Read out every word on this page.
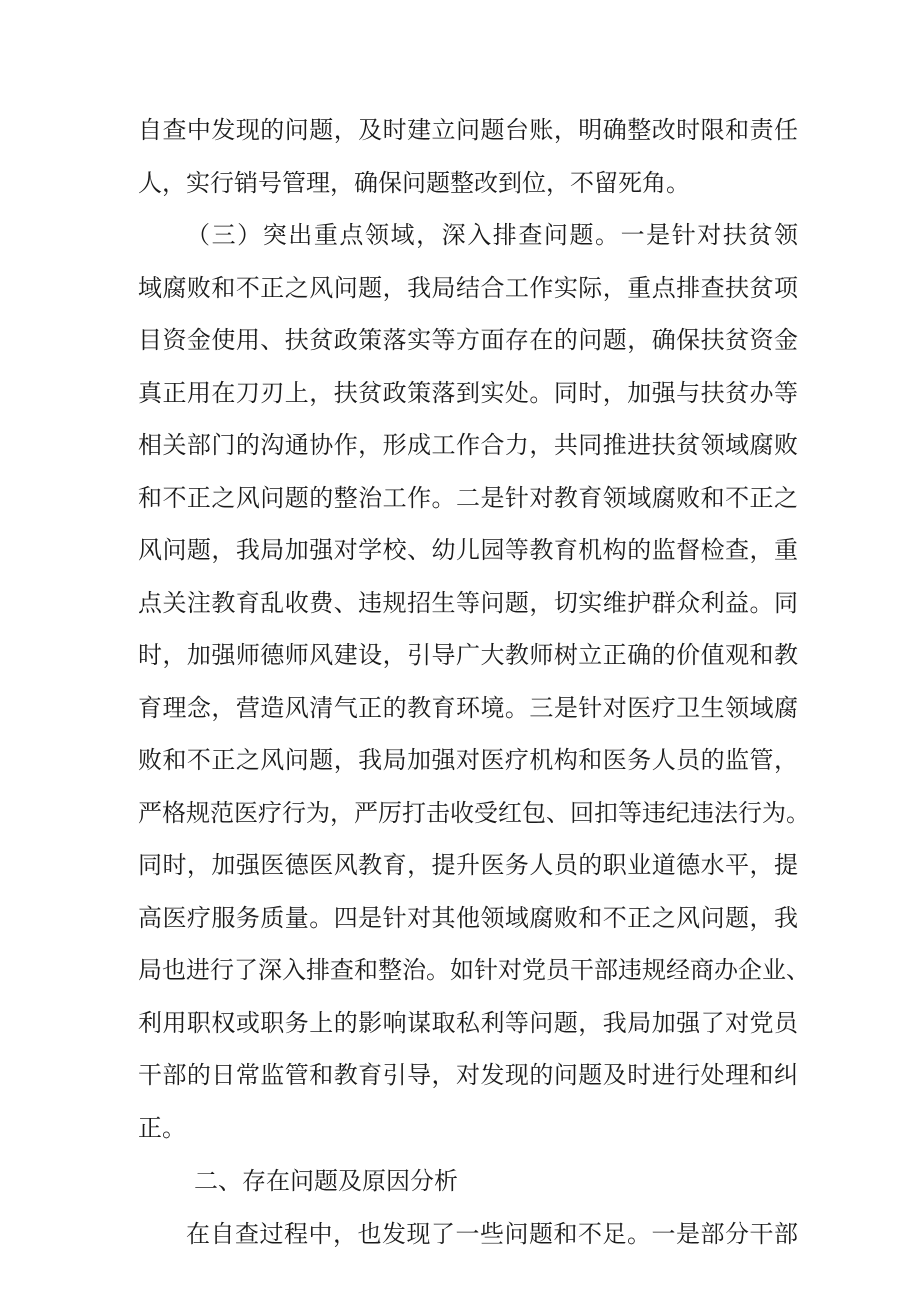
自查中发现的问题，及时建立问题台账，明确整改时限和责任
人，实行销号管理，确保问题整改到位，不留死角。
（三）突出重点领域，深入排查问题。一是针对扶贫领
域腐败和不正之风问题，我局结合工作实际，重点排查扶贫项
目资金使用、扶贫政策落实等方面存在的问题，确保扶贫资金
真正用在刀刃上，扶贫政策落到实处。同时，加强与扶贫办等
相关部门的沟通协作，形成工作合力，共同推进扶贫领域腐败
和不正之风问题的整治工作。二是针对教育领域腐败和不正之
风问题，我局加强对学校、幼儿园等教育机构的监督检查，重
点关注教育乱收费、违规招生等问题，切实维护群众利益。同
时，加强师德师风建设，引导广大教师树立正确的价值观和教
育理念，营造风清气正的教育环境。三是针对医疗卫生领域腐
败和不正之风问题，我局加强对医疗机构和医务人员的监管，
严格规范医疗行为，严厉打击收受红包、回扣等违纪违法行为。
同时，加强医德医风教育，提升医务人员的职业道德水平，提
高医疗服务质量。四是针对其他领域腐败和不正之风问题，我
局也进行了深入排查和整治。如针对党员干部违规经商办企业、
利用职权或职务上的影响谋取私利等问题，我局加强了对党员
干部的日常监管和教育引导，对发现的问题及时进行处理和纠
正。
二、存在问题及原因分析
在自查过程中，也发现了一些问题和不足。一是部分干部
